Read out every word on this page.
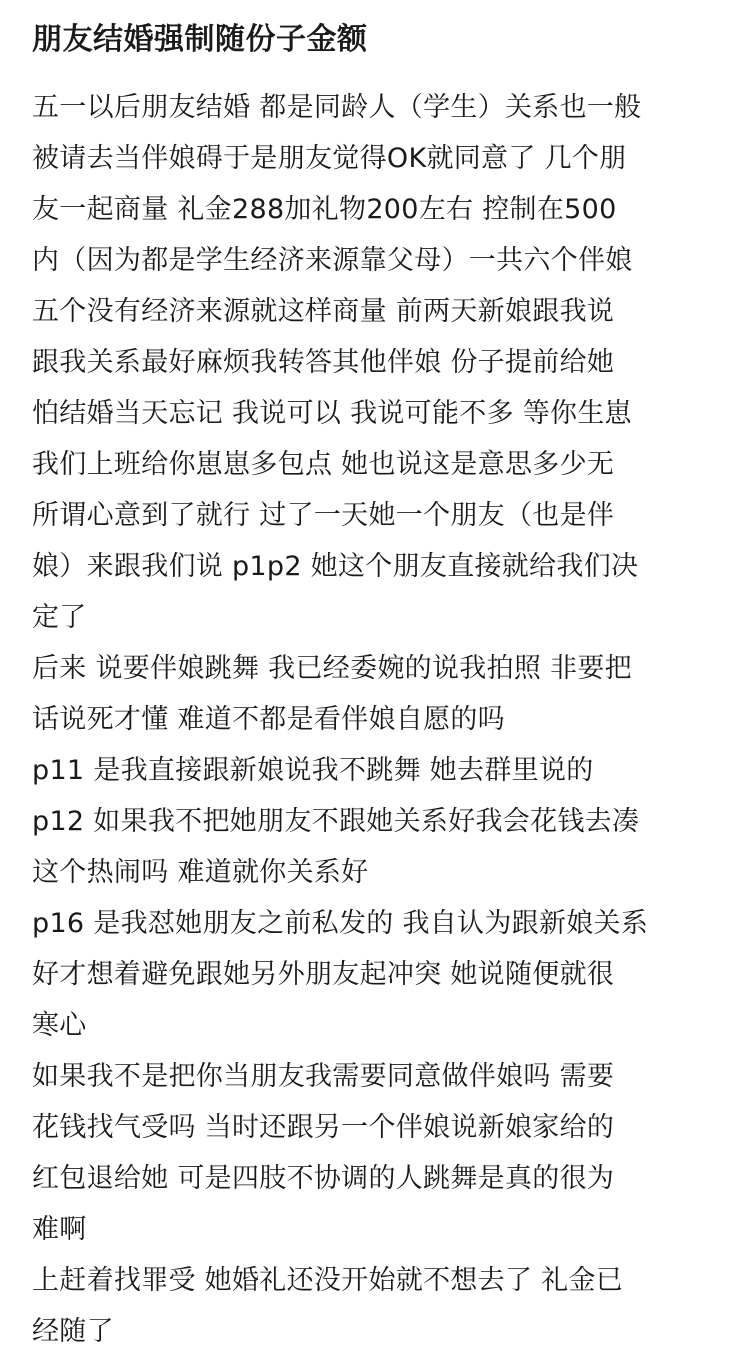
朋友结婚强制随份子金额
五一以后朋友结婚 都是同龄人（学生）关系也一般
被请去当伴娘碍于是朋友觉得OK就同意了 几个朋
友一起商量 礼金288加礼物200左右 控制在500
内（因为都是学生经济来源靠父母）一共六个伴娘
五个没有经济来源就这样商量 前两天新娘跟我说
跟我关系最好麻烦我转答其他伴娘 份子提前给她
怕结婚当天忘记 我说可以 我说可能不多 等你生崽
我们上班给你崽崽多包点 她也说这是意思多少无
所谓心意到了就行 过了一天她一个朋友（也是伴
娘）来跟我们说 p1p2 她这个朋友直接就给我们决
定了
后来 说要伴娘跳舞 我已经委婉的说我拍照 非要把
话说死才懂 难道不都是看伴娘自愿的吗
p11 是我直接跟新娘说我不跳舞 她去群里说的
p12 如果我不把她朋友不跟她关系好我会花钱去凑
这个热闹吗 难道就你关系好
p16 是我怼她朋友之前私发的 我自认为跟新娘关系
好才想着避免跟她另外朋友起冲突 她说随便就很
寒心
如果我不是把你当朋友我需要同意做伴娘吗 需要
花钱找气受吗 当时还跟另一个伴娘说新娘家给的
红包退给她 可是四肢不协调的人跳舞是真的很为
难啊
上赶着找罪受 她婚礼还没开始就不想去了 礼金已
经随了
